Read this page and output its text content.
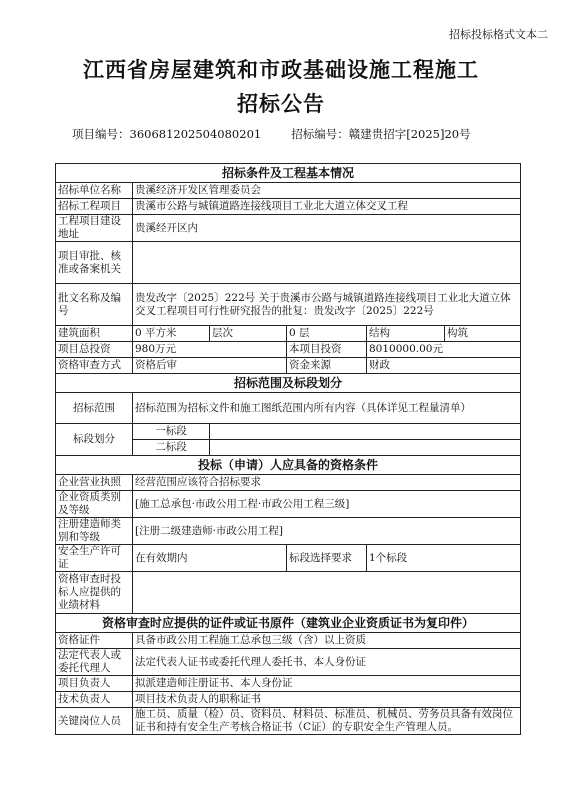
招标投标格式文本二
江西省房屋建筑和市政基础设施工程施工
招标公告
项目编号：360681202504080201	招标编号：赣建贵招字[2025]20号
招标条件及工程基本情况					
招标单位名称	贵溪经济开发区管理委员会				
招标工程项目	贵溪市公路与城镇道路连接线项目工业北大道立体交叉工程				
工程项目建设地址	贵溪经开区内				
项目审批、核准或备案机关					
批文名称及编号	贵发改字〔2025〕222号 关于贵溪市公路与城镇道路连接线项目工业北大道立体交叉工程项目可行性研究报告的批复：贵发改字〔2025〕222号				
建筑面积	0 平方米	层次	0 层	结构	构筑
项目总投资	980万元		本项目投资	8010000.00元	
资格审查方式	资格后审		资金来源	财政	
招标范围及标段划分					
招标范围	招标范围为招标文件和施工图纸范围内所有内容（具体详见工程量清单）				
标段划分	一标段				
	二标段				
投标（申请）人应具备的资格条件					
企业营业执照	经营范围应该符合招标要求				
企业资质类别及等级	[施工总承包·市政公用工程·市政公用工程三级]				
注册建造师类别和等级	[注册二级建造师·市政公用工程]				
安全生产许可证	在有效期内		标段选择要求	1个标段	
资格审查时投标人应提供的业绩材料					
资格审查时应提供的证件或证书原件（建筑业企业资质证书为复印件）					
资格证件	具备市政公用工程施工总承包三级（含）以上资质				
法定代表人或委托代理人	法定代表人证书或委托代理人委托书、本人身份证				
项目负责人	拟派建造师注册证书、本人身份证				
技术负责人	项目技术负责人的职称证书				
关键岗位人员	施工员、质量（检）员、资料员、材料员、标准员、机械员、劳务员具备有效岗位证书和持有安全生产考核合格证书（C证）的专职安全生产管理人员。				
